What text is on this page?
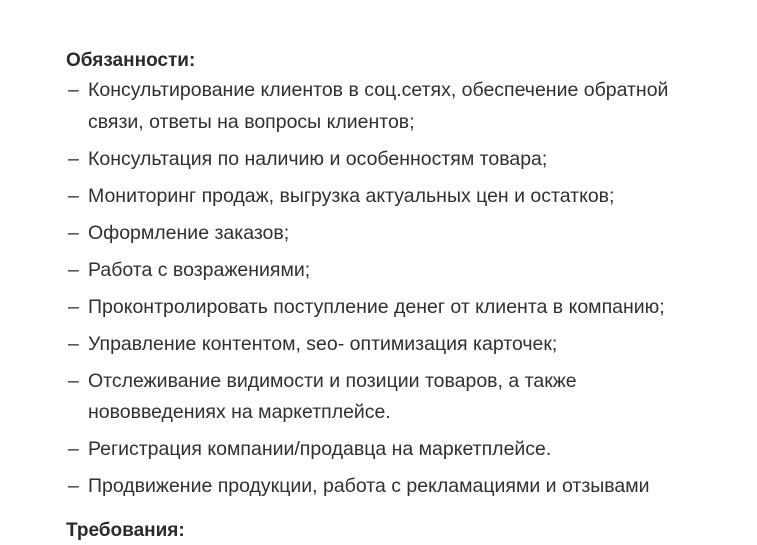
Обязанности:

– Консультирование клиентов в соц.сетях, обеспечение обратной связи, ответы на вопросы клиентов;
– Консультация по наличию и особенностям товара;
– Мониторинг продаж, выгрузка актуальных цен и остатков;
– Оформление заказов;
– Работа с возражениями;
– Проконтролировать поступление денег от клиента в компанию;
– Управление контентом, seo- оптимизация карточек;
– Отслеживание видимости и позиции товаров, а также нововведениях на маркетплейсе.
– Регистрация компании/продавца на маркетплейсе.
– Продвижение продукции, работа с рекламациями и отзывами

Требования:
